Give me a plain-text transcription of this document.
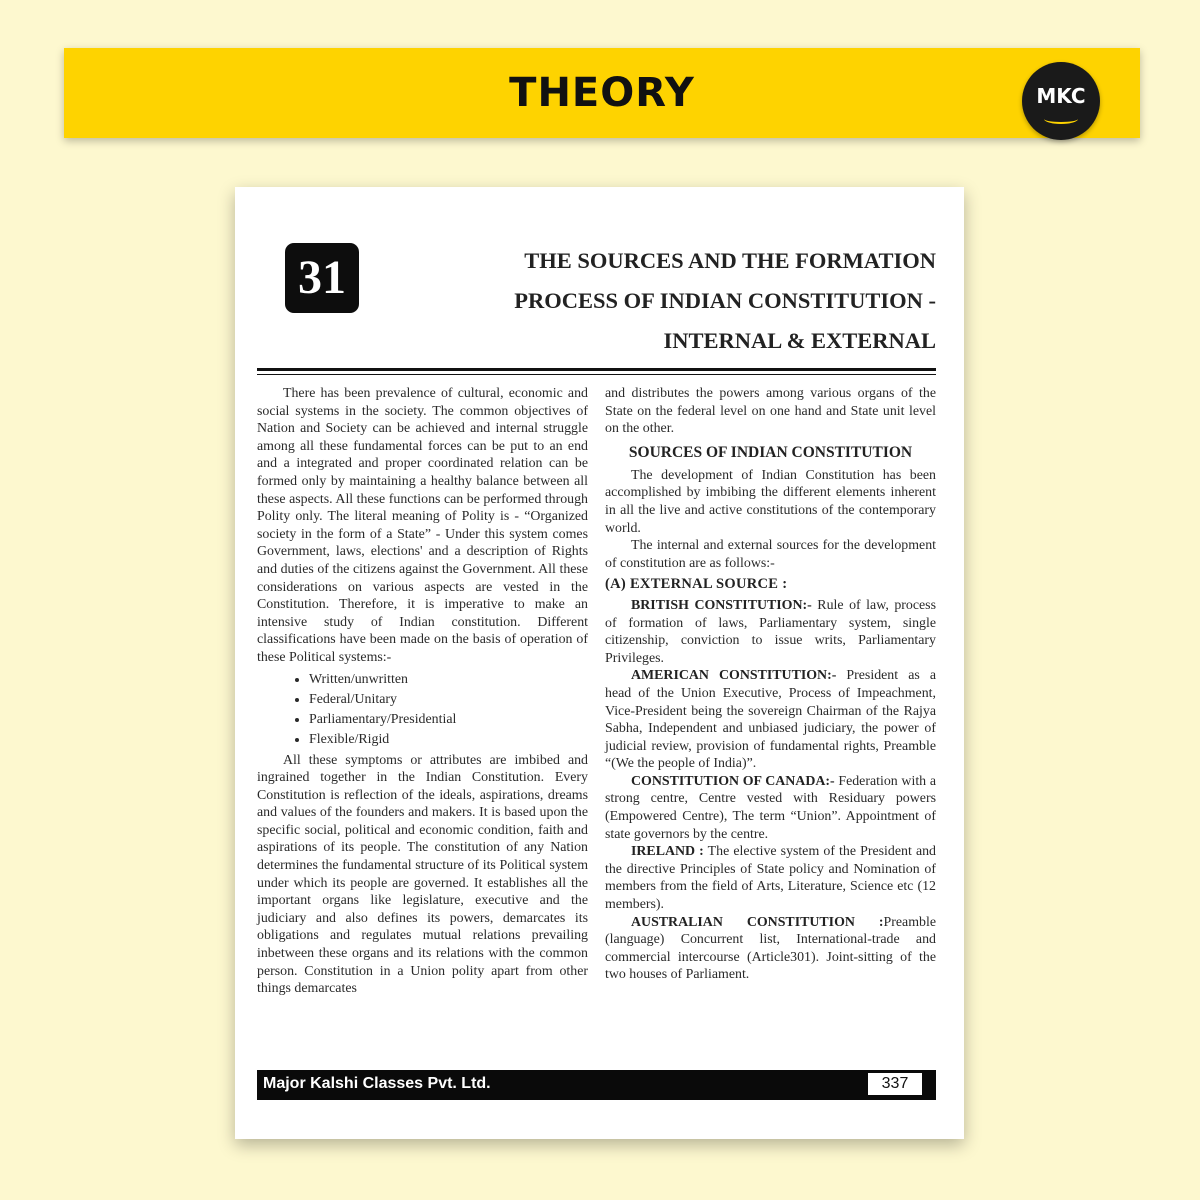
THEORY	MKC
31	THE SOURCES AND THE FORMATION PROCESS OF INDIAN CONSTITUTION - INTERNAL & EXTERNAL

There has been prevalence of cultural, economic and social systems in the society. The common objectives of Nation and Society can be achieved and internal struggle among all these fundamental forces can be put to an end and a integrated and proper coordinated relation can be formed only by maintaining a healthy balance between all these aspects. All these functions can be performed through Polity only. The literal meaning of Polity is - “Organized society in the form of a State” - Under this system comes Government, laws, elections' and a description of Rights and duties of the citizens against the Government. All these considerations on various aspects are vested in the Constitution. Therefore, it is imperative to make an intensive study of Indian constitution. Different classifications have been made on the basis of operation of these Political systems:-

• Written/unwritten
• Federal/Unitary
• Parliamentary/Presidential
• Flexible/Rigid

All these symptoms or attributes are imbibed and ingrained together in the Indian Constitution. Every Constitution is reflection of the ideals, aspirations, dreams and values of the founders and makers. It is based upon the specific social, political and economic condition, faith and aspirations of its people. The constitution of any Nation determines the fundamental structure of its Political system under which its people are governed. It establishes all the important organs like legislature, executive and the judiciary and also defines its powers, demarcates its obligations and regulates mutual relations prevailing inbetween these organs and its relations with the common person. Constitution in a Union polity apart from other things demarcates

and distributes the powers among various organs of the State on the federal level on one hand and State unit level on the other.

SOURCES OF INDIAN CONSTITUTION

The development of Indian Constitution has been accomplished by imbibing the different elements inherent in all the live and active constitutions of the contemporary world.

The internal and external sources for the development of constitution are as follows:-

(A) EXTERNAL SOURCE :

BRITISH CONSTITUTION:- Rule of law, process of formation of laws, Parliamentary system, single citizenship, conviction to issue writs, Parliamentary Privileges.

AMERICAN CONSTITUTION:- President as a head of the Union Executive, Process of Impeachment, Vice-President being the sovereign Chairman of the Rajya Sabha, Independent and unbiased judiciary, the power of judicial review, provision of fundamental rights, Preamble “(We the people of India)”.

CONSTITUTION OF CANADA:- Federation with a strong centre, Centre vested with Residuary powers (Empowered Centre), The term “Union”. Appointment of state governors by the centre.

IRELAND : The elective system of the President and the directive Principles of State policy and Nomination of members from the field of Arts, Literature, Science etc (12 members).

AUSTRALIAN CONSTITUTION :Preamble (language) Concurrent list, International-trade and commercial intercourse (Article301). Joint-sitting of the two houses of Parliament.

Major Kalshi Classes Pvt. Ltd.	337
